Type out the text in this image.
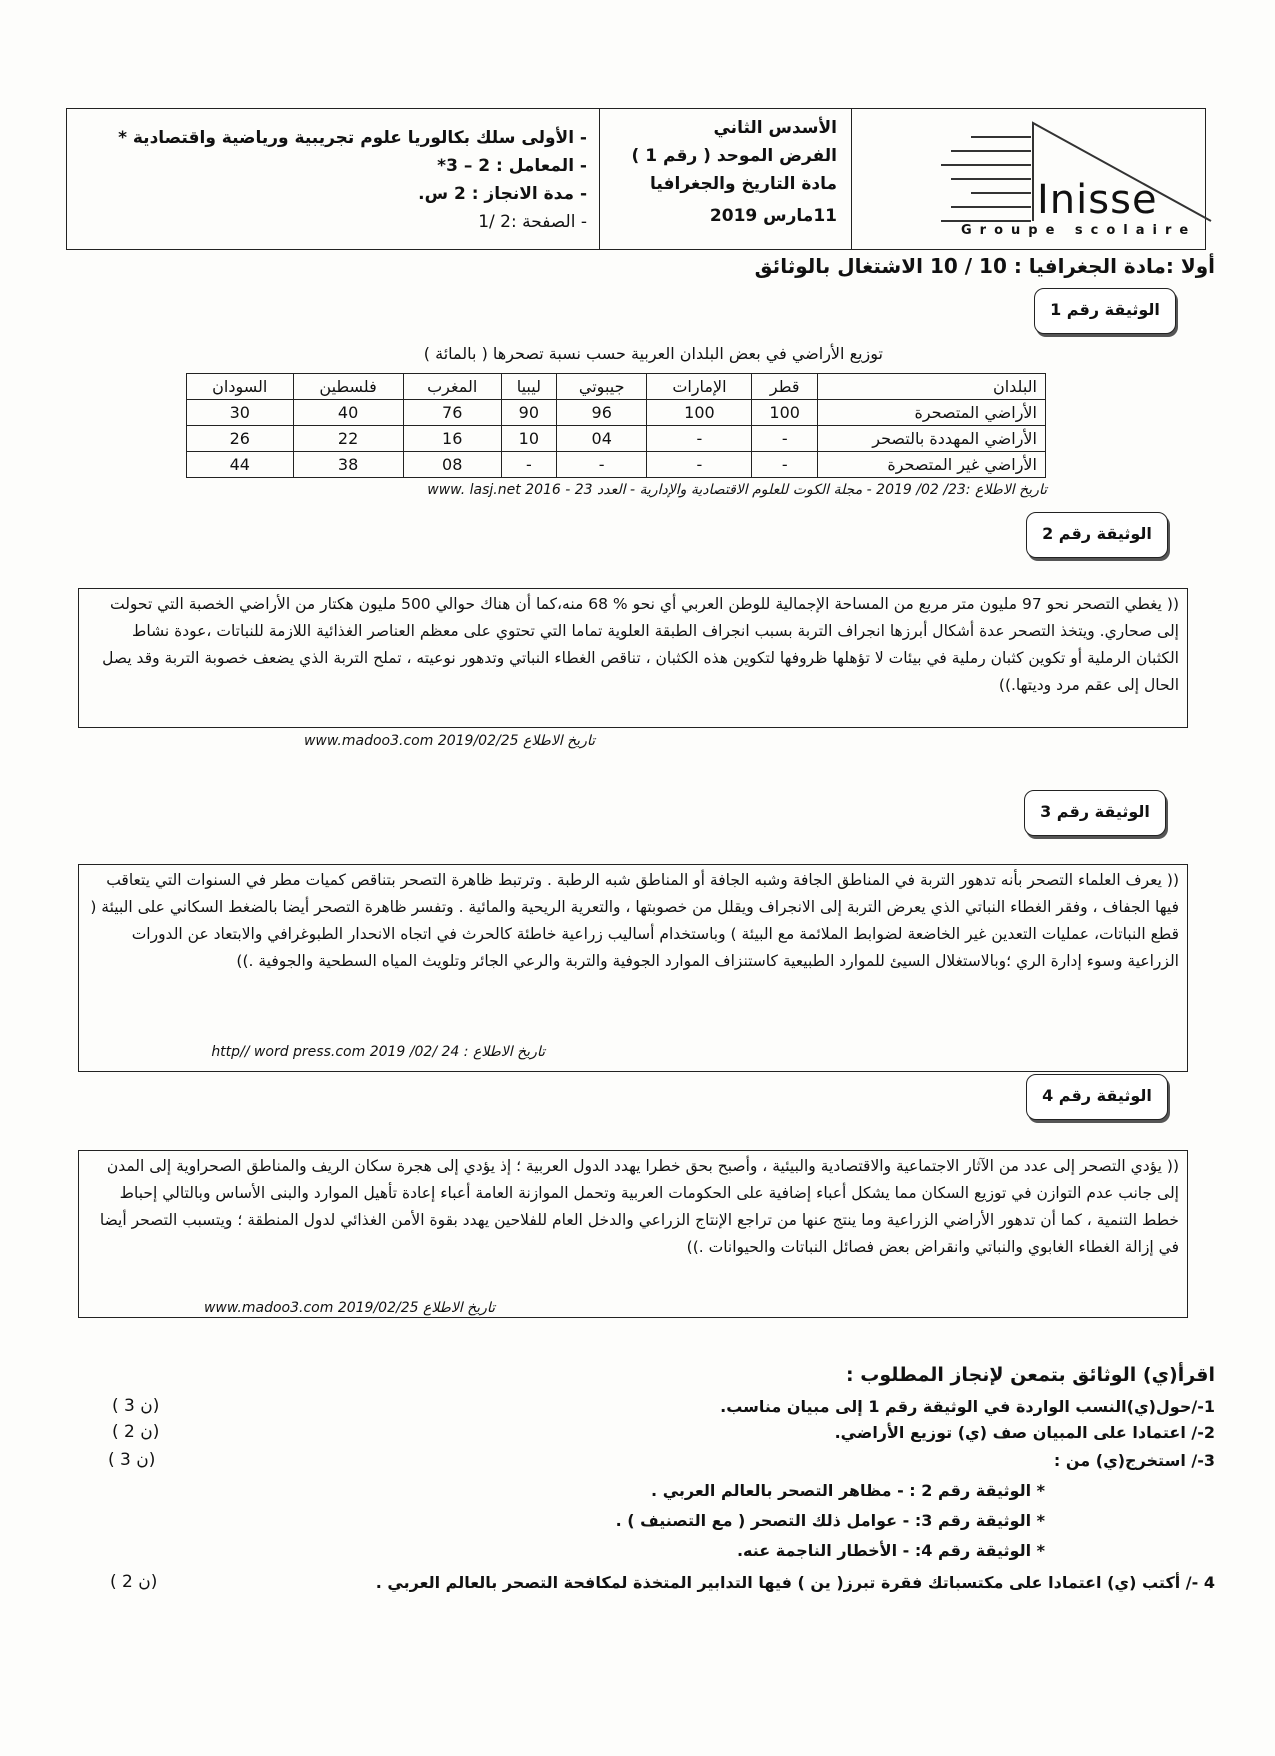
- الأولى سلك بكالوريا علوم تجريبية ورياضية واقتصادية *
- المعامل : 2 – 3*
- مدة الانجاز : 2 س.
- الصفحة :2 /1
الأسدس الثاني
الفرض الموحد ( رقم 1 )
مادة التاريخ والجغرافيا
11مارس 2019	Inisse
Groupe scolaire
أولا :مادة الجغرافيا : 10 / 10 الاشتغال بالوثائق
الوثيقة رقم 1
توزيع الأراضي في بعض البلدان العربية حسب نسبة تصحرها ( بالمائة )
البلدان	قطر	الإمارات	جيبوتي	ليبيا	المغرب	فلسطين	السودان
الأراضي المتصحرة	100	100	96	90	76	40	30
الأراضي المهددة بالتصحر	-	-	04	10	16	22	26
الأراضي غير المتصحرة	-	-	-	-	08	38	44
تاريخ الاطلاع :23/ 02/ 2019 - مجلة الكوت للعلوم الاقتصادية والإدارية - العدد 23 - 2016 www. lasj.net
الوثيقة رقم 2
(( يغطي التصحر نحو 97 مليون متر مربع من المساحة الإجمالية للوطن العربي أي نحو % 68 منه،كما أن هناك حوالي 500 مليون هكتار من الأراضي الخصبة التي تحولت إلى صحاري. ويتخذ التصحر عدة أشكال أبرزها انجراف التربة بسبب انجراف الطبقة العلوية تماما التي تحتوي على معظم العناصر الغذائية اللازمة للنباتات ،عودة نشاط الكثبان الرملية أو تكوين كثبان رملية في بيئات لا تؤهلها ظروفها لتكوين هذه الكثبان ، تناقص الغطاء النباتي وتدهور نوعيته ، تملح التربة الذي يضعف خصوبة التربة وقد يصل الحال إلى عقم مرد وديتها.))
تاريخ الاطلاع 2019/02/25 www.madoo3.com
الوثيقة رقم 3
(( يعرف العلماء التصحر بأنه تدهور التربة في المناطق الجافة وشبه الجافة أو المناطق شبه الرطبة . وترتبط ظاهرة التصحر بتناقص كميات مطر في السنوات التي يتعاقب فيها الجفاف ، وفقر الغطاء النباتي الذي يعرض التربة إلى الانجراف ويقلل من خصوبتها ، والتعرية الريحية والمائية . وتفسر ظاهرة التصحر أيضا بالضغط السكاني على البيئة ( قطع النباتات، عمليات التعدين غير الخاضعة لضوابط الملائمة مع البيئة ) وباستخدام أساليب زراعية خاطئة كالحرث في اتجاه الانحدار الطبوغرافي والابتعاد عن الدورات الزراعية وسوء إدارة الري ؛وبالاستغلال السيئ للموارد الطبيعية كاستنزاف الموارد الجوفية والتربة والرعي الجائر وتلويث المياه السطحية والجوفية .))
تاريخ الاطلاع : 24 /02/ 2019 http// word press.com
الوثيقة رقم 4
(( يؤدي التصحر إلى عدد من الآثار الاجتماعية والاقتصادية والبيئية ، وأصبح بحق خطرا يهدد الدول العربية ؛ إذ يؤدي إلى هجرة سكان الريف والمناطق الصحراوية إلى المدن إلى جانب عدم التوازن في توزيع السكان مما يشكل أعباء إضافية على الحكومات العربية وتحمل الموازنة العامة أعباء إعادة تأهيل الموارد والبنى الأساس وبالتالي إحباط خطط التنمية ، كما أن تدهور الأراضي الزراعية وما ينتج عنها من تراجع الإنتاج الزراعي والدخل العام للفلاحين يهدد بقوة الأمن الغذائي لدول المنطقة ؛ ويتسبب التصحر أيضا في إزالة الغطاء الغابوي والنباتي وانقراض بعض فصائل النباتات والحيوانات .))
تاريخ الاطلاع 2019/02/25 www.madoo3.com
اقرأ(ي) الوثائق بتمعن لإنجاز المطلوب :
1-/حول(ي)النسب الواردة في الوثيقة رقم 1 إلى مبيان مناسب.
( 3 ن)
2-/ اعتمادا على المبيان صف (ي) توزيع الأراضي.
( 2 ن)
3-/ استخرج(ي) من :
( 3 ن)
* الوثيقة رقم 2 : - مظاهر التصحر بالعالم العربي .
* الوثيقة رقم 3: - عوامل ذلك التصحر ( مع التصنيف ) .
* الوثيقة رقم 4: - الأخطار الناجمة عنه.
4 -/ أكتب (ي) اعتمادا على مكتسباتك فقرة تبرز( ين ) فيها التدابير المتخذة لمكافحة التصحر بالعالم العربي .
( 2 ن)
